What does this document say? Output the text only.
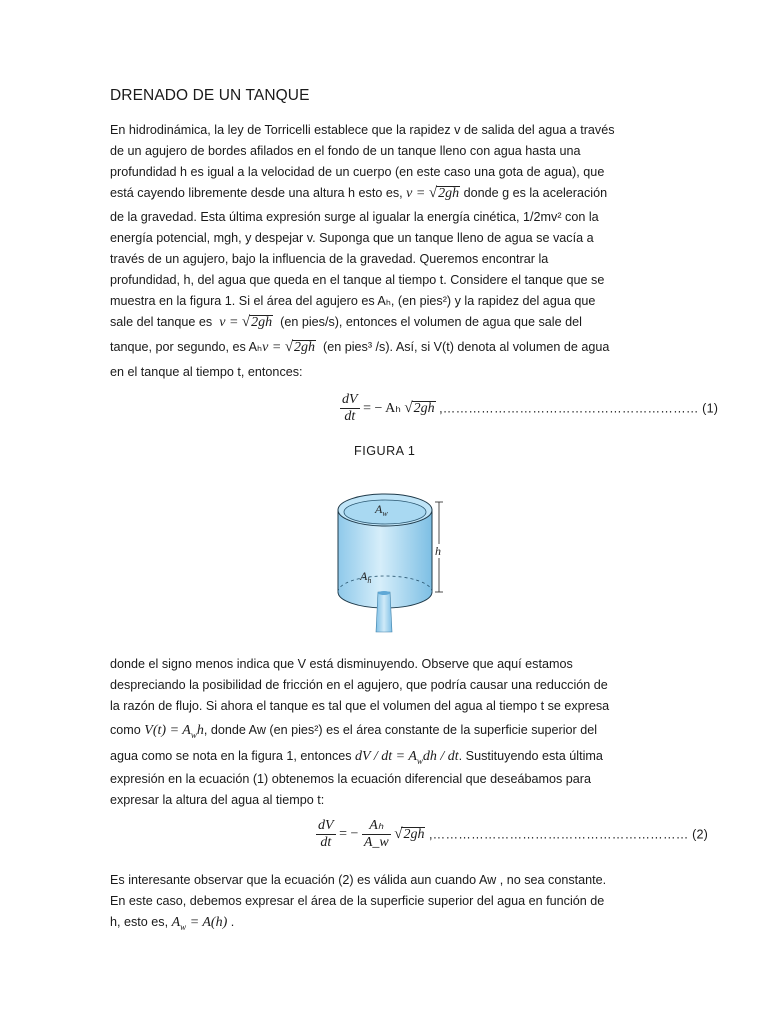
DRENADO DE UN TANQUE
En hidrodinámica, la ley de Torricelli establece que la rapidez v de salida del agua a través
de un agujero de bordes afilados en el fondo de un tanque lleno con agua hasta una
profundidad h es igual a la velocidad de un cuerpo (en este caso una gota de agua), que
está cayendo libremente desde una altura h esto es, v = √2gh donde g es la aceleración
de la gravedad. Esta última expresión surge al igualar la energía cinética, 1/2mv² con la
energía potencial, mgh, y despejar v. Suponga que un tanque lleno de agua se vacía a
través de un agujero, bajo la influencia de la gravedad. Queremos encontrar la
profundidad, h, del agua que queda en el tanque al tiempo t. Considere el tanque que se
muestra en la figura 1. Si el área del agujero es Aₕ, (en pies²) y la rapidez del agua que
sale del tanque es  v = √2gh (en pies/s), entonces el volumen de agua que sale del
tanque, por segundo, es Aₕv = √2gh (en pies³ /s). Así, si V(t) denota al volumen de agua
en el tanque al tiempo t, entonces:
$\frac{dV}{dt}$ = − Aₕ √2gh ,…………………………………………………… (1)
FIGURA 1
$A_w$
$A_h$
h
donde el signo menos indica que V está disminuyendo. Observe que aquí estamos
despreciando la posibilidad de fricción en el agujero, que podría causar una reducción de
la razón de flujo. Si ahora el tanque es tal que el volumen del agua al tiempo t se expresa
como $V(t) = A_wh$, donde Aw (en pies²) es el área constante de la superficie superior del
agua como se nota en la figura 1, entonces dV / dt = $A_wdh$ / dt. Sustituyendo esta última
expresión en la ecuación (1) obtenemos la ecuación diferencial que deseábamos para
expresar la altura del agua al tiempo t:
$\frac{dV}{dt}$ = − $\frac{\text{Aₕ}}{A\_w} √2gh$ ,…………………………………………………… (2)
Es interesante observar que la ecuación (2) es válida aun cuando Aw , no sea constante.
En este caso, debemos expresar el área de la superficie superior del agua en función de
h, esto es, $A_w = A(h)$ .
